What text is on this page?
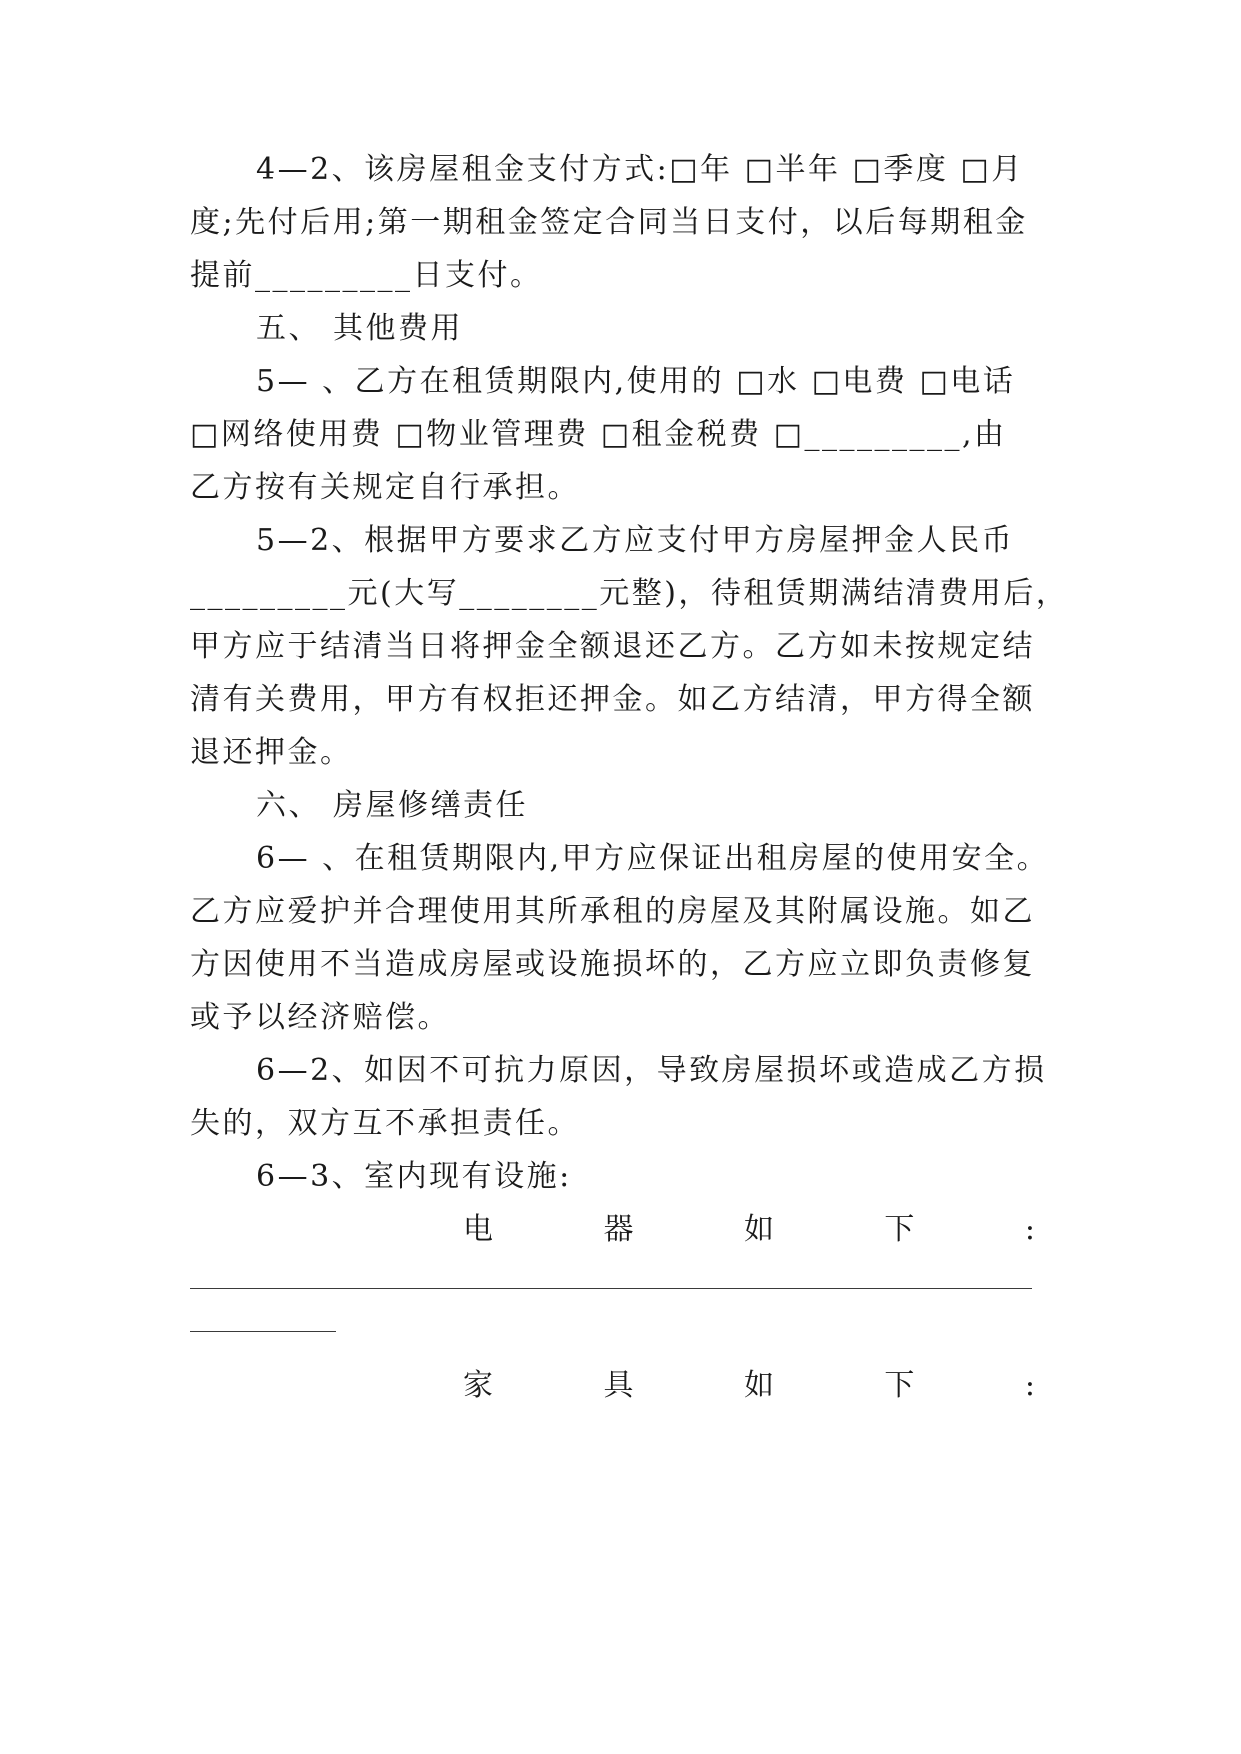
4—2、该房屋租金支付方式:□年 □半年 □季度 □月
度;先付后用;第一期租金签定合同当日支付，以后每期租金
提前_________日支付。
五、 其他费用
5— 、乙方在租赁期限内,使用的 □水 □电费 □电话
□网络使用费 □物业管理费 □租金税费 □_________,由
乙方按有关规定自行承担。
5—2、根据甲方要求乙方应支付甲方房屋押金人民币
_________元(大写________元整)，待租赁期满结清费用后，
甲方应于结清当日将押金全额退还乙方。乙方如未按规定结
清有关费用，甲方有权拒还押金。如乙方结清，甲方得全额
退还押金。
六、 房屋修缮责任
6— 、在租赁期限内,甲方应保证出租房屋的使用安全。
乙方应爱护并合理使用其所承租的房屋及其附属设施。如乙
方因使用不当造成房屋或设施损坏的，乙方应立即负责修复
或予以经济赔偿。
6—2、如因不可抗力原因，导致房屋损坏或造成乙方损
失的，双方互不承担责任。
6—3、室内现有设施:
电	器	如	下	:
家	具	如	下	:
